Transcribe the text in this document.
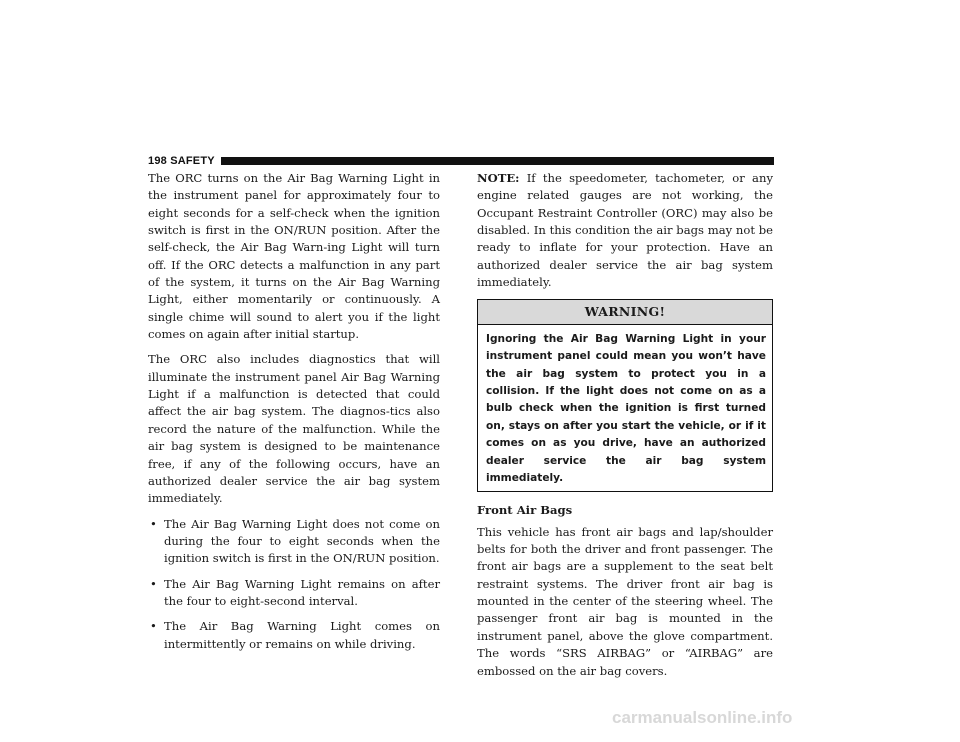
198 SAFETY

The ORC turns on the Air Bag Warning Light in the instrument panel for approximately four to eight seconds for a self-check when the ignition switch is first in the ON/RUN position. After the self-check, the Air Bag Warn-ing Light will turn off. If the ORC detects a malfunction in any part of the system, it turns on the Air Bag Warning Light, either momentarily or continuously. A single chime will sound to alert you if the light comes on again after initial startup.

The ORC also includes diagnostics that will illuminate the instrument panel Air Bag Warning Light if a malfunction is detected that could affect the air bag system. The diagnos-tics also record the nature of the malfunction. While the air bag system is designed to be maintenance free, if any of the following occurs, have an authorized dealer service the air bag system immediately.

• The Air Bag Warning Light does not come on during the four to eight seconds when the ignition switch is first in the ON/RUN position.
• The Air Bag Warning Light remains on after the four to eight-second interval.
• The Air Bag Warning Light comes on intermittently or remains on while driving.

NOTE: If the speedometer, tachometer, or any engine related gauges are not working, the Occupant Restraint Controller (ORC) may also be disabled. In this condition the air bags may not be ready to inflate for your protection. Have an authorized dealer service the air bag system immediately.

WARNING!
Ignoring the Air Bag Warning Light in your instrument panel could mean you won’t have the air bag system to protect you in a collision. If the light does not come on as a bulb check when the ignition is first turned on, stays on after you start the vehicle, or if it comes on as you drive, have an authorized dealer service the air bag system immediately.
Front Air Bags

This vehicle has front air bags and lap/shoulder belts for both the driver and front passenger. The front air bags are a supplement to the seat belt restraint systems. The driver front air bag is mounted in the center of the steering wheel. The passenger front air bag is mounted in the instrument panel, above the glove compartment. The words “SRS AIRBAG” or “AIRBAG” are embossed on the air bag covers.

carmanualsonline.info
